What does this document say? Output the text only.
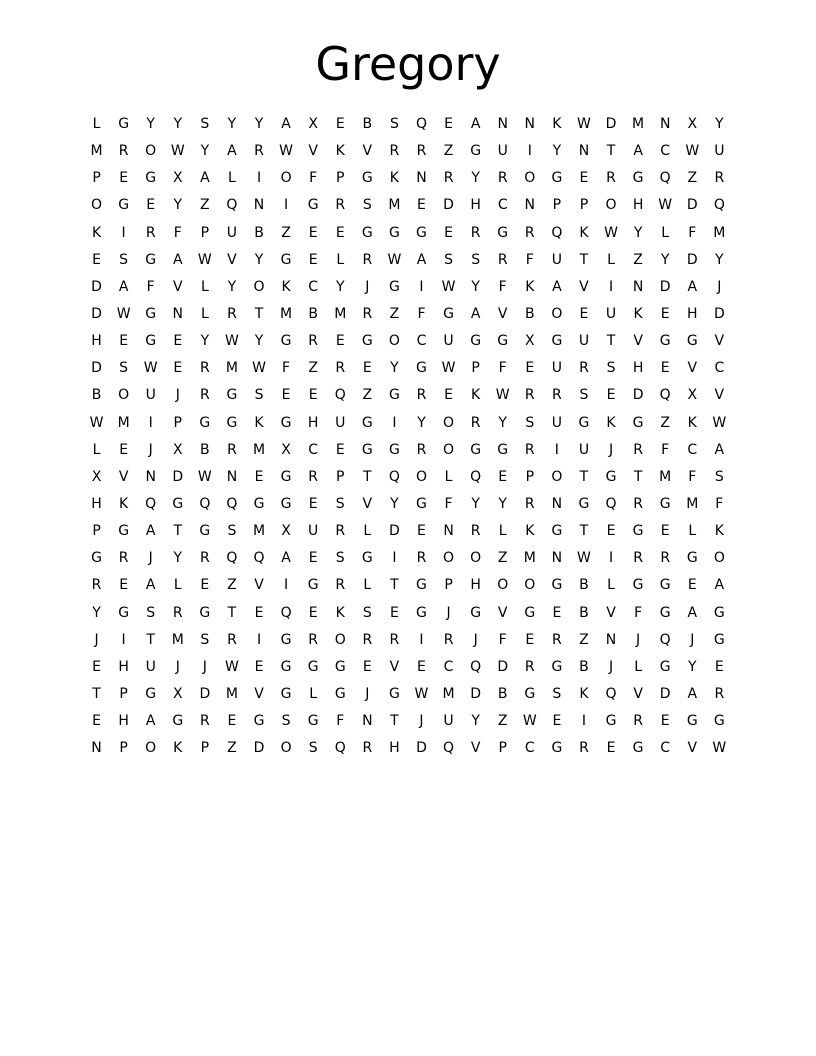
Gregory
L	G	Y	Y	S	Y	Y	A	X	E	B	S	Q	E	A	N	N	K	W	D	M	N	X	Y
M	R	O	W	Y	A	R	W	V	K	V	R	R	Z	G	U	I	Y	N	T	A	C	W	U
P	E	G	X	A	L	I	O	F	P	G	K	N	R	Y	R	O	G	E	R	G	Q	Z	R
O	G	E	Y	Z	Q	N	I	G	R	S	M	E	D	H	C	N	P	P	O	H	W	D	Q
K	I	R	F	P	U	B	Z	E	E	G	G	G	E	R	G	R	Q	K	W	Y	L	F	M
E	S	G	A	W	V	Y	G	E	L	R	W	A	S	S	R	F	U	T	L	Z	Y	D	Y
D	A	F	V	L	Y	O	K	C	Y	J	G	I	W	Y	F	K	A	V	I	N	D	A	J
D	W	G	N	L	R	T	M	B	M	R	Z	F	G	A	V	B	O	E	U	K	E	H	D
H	E	G	E	Y	W	Y	G	R	E	G	O	C	U	G	G	X	G	U	T	V	G	G	V
D	S	W	E	R	M	W	F	Z	R	E	Y	G	W	P	F	E	U	R	S	H	E	V	C
B	O	U	J	R	G	S	E	E	Q	Z	G	R	E	K	W	R	R	S	E	D	Q	X	V
W	M	I	P	G	G	K	G	H	U	G	I	Y	O	R	Y	S	U	G	K	G	Z	K	W
L	E	J	X	B	R	M	X	C	E	G	G	R	O	G	G	R	I	U	J	R	F	C	A
X	V	N	D	W	N	E	G	R	P	T	Q	O	L	Q	E	P	O	T	G	T	M	F	S
H	K	Q	G	Q	Q	G	G	E	S	V	Y	G	F	Y	Y	R	N	G	Q	R	G	M	F
P	G	A	T	G	S	M	X	U	R	L	D	E	N	R	L	K	G	T	E	G	E	L	K
G	R	J	Y	R	Q	Q	A	E	S	G	I	R	O	O	Z	M	N	W	I	R	R	G	O
R	E	A	L	E	Z	V	I	G	R	L	T	G	P	H	O	O	G	B	L	G	G	E	A
Y	G	S	R	G	T	E	Q	E	K	S	E	G	J	G	V	G	E	B	V	F	G	A	G
J	I	T	M	S	R	I	G	R	O	R	R	I	R	J	F	E	R	Z	N	J	Q	J	G
E	H	U	J	J	W	E	G	G	G	E	V	E	C	Q	D	R	G	B	J	L	G	Y	E
T	P	G	X	D	M	V	G	L	G	J	G	W	M	D	B	G	S	K	Q	V	D	A	R
E	H	A	G	R	E	G	S	G	F	N	T	J	U	Y	Z	W	E	I	G	R	E	G	G
N	P	O	K	P	Z	D	O	S	Q	R	H	D	Q	V	P	C	G	R	E	G	C	V	W
